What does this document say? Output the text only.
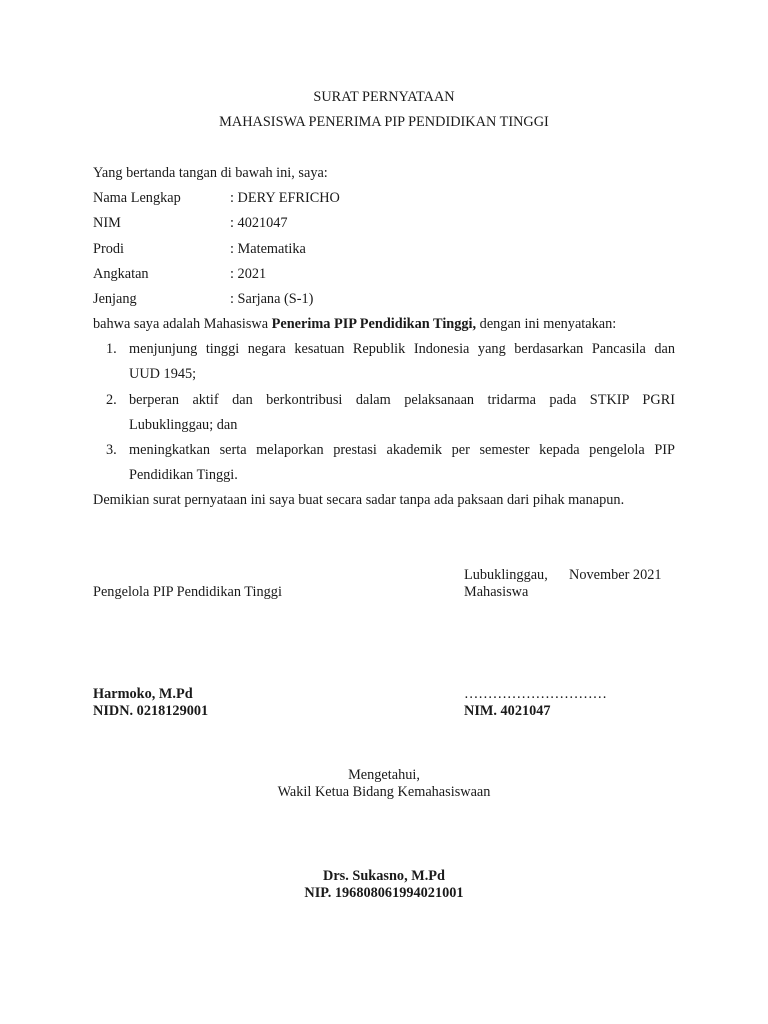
SURAT PERNYATAAN
MAHASISWA PENERIMA PIP PENDIDIKAN TINGGI
Yang bertanda tangan di bawah ini, saya:
Nama Lengkap	: DERY EFRICHO
NIM	: 4021047
Prodi	: Matematika
Angkatan	: 2021
Jenjang	: Sarjana (S-1)
bahwa saya adalah Mahasiswa Penerima PIP Pendidikan Tinggi, dengan ini menyatakan:
1. menjunjung tinggi negara kesatuan Republik Indonesia yang berdasarkan Pancasila dan
UUD 1945;
2. berperan aktif dan berkontribusi dalam pelaksanaan tridarma pada STKIP PGRI
Lubuklinggau; dan
3. meningkatkan serta melaporkan prestasi akademik per semester kepada pengelola PIP
Pendidikan Tinggi.
Demikian surat pernyataan ini saya buat secara sadar tanpa ada paksaan dari pihak manapun.
Lubuklinggau, November 2021
Pengelola PIP Pendidikan Tinggi	Mahasiswa
Harmoko, M.Pd
NIDN. 0218129001
…………………………
NIM. 4021047
Mengetahui,
Wakil Ketua Bidang Kemahasiswaan
Drs. Sukasno, M.Pd
NIP. 196808061994021001
